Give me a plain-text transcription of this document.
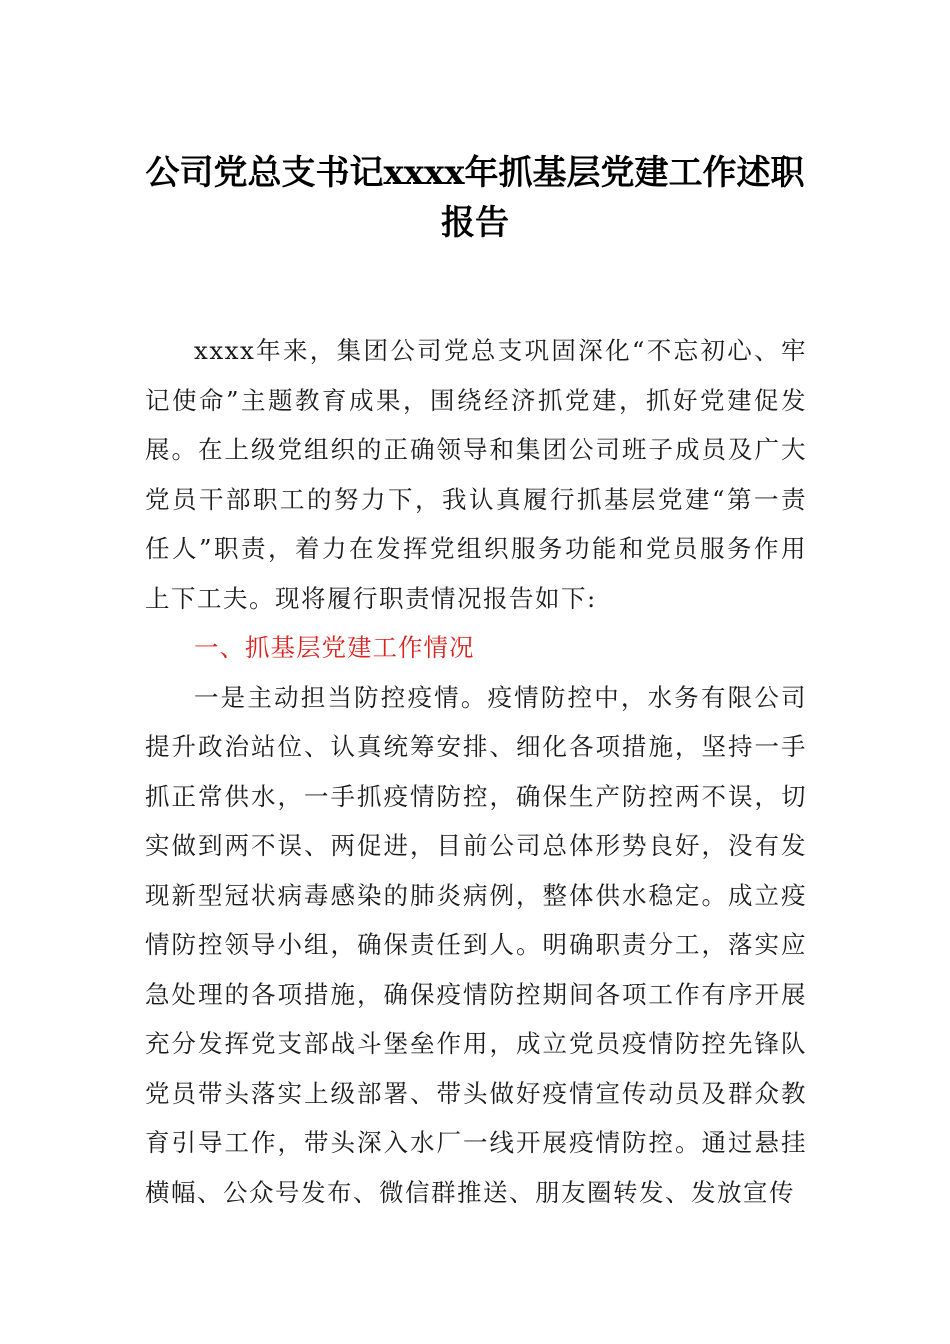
公司党总支书记xxxx年抓基层党建工作述职报告

xxxx年来，集团公司党总支巩固深化“不忘初心、牢记使命”主题教育成果，围绕经济抓党建，抓好党建促发展。在上级党组织的正确领导和集团公司班子成员及广大党员干部职工的努力下，我认真履行抓基层党建“第一责任人”职责，着力在发挥党组织服务功能和党员服务作用上下工夫。现将履行职责情况报告如下:

一、抓基层党建工作情况

一是主动担当防控疫情。疫情防控中，水务有限公司提升政治站位、认真统筹安排、细化各项措施，坚持一手抓正常供水，一手抓疫情防控，确保生产防控两不误，切实做到两不误、两促进，目前公司总体形势良好，没有发现新型冠状病毒感染的肺炎病例，整体供水稳定。成立疫情防控领导小组，确保责任到人。明确职责分工，落实应急处理的各项措施，确保疫情防控期间各项工作有序开展充分发挥党支部战斗堡垒作用，成立党员疫情防控先锋队党员带头落实上级部署、带头做好疫情宣传动员及群众教育引导工作，带头深入水厂一线开展疫情防控。通过悬挂横幅、公众号发布、微信群推送、朋友圈转发、发放宣传
